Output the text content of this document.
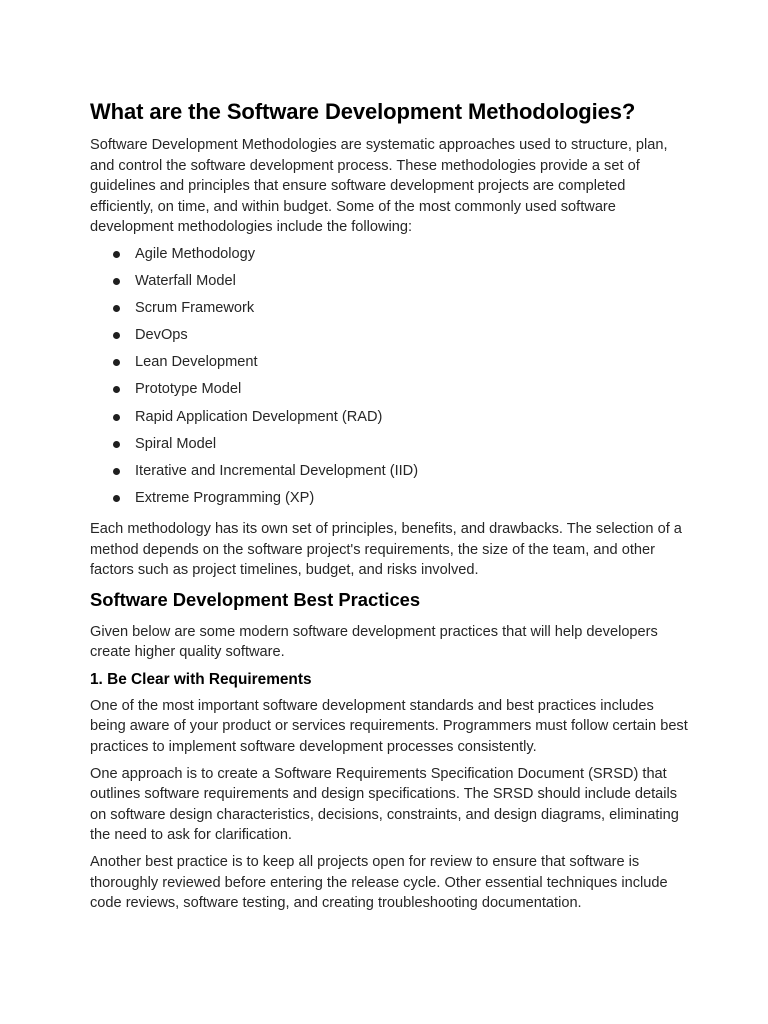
What are the Software Development Methodologies?

Software Development Methodologies are systematic approaches used to structure, plan, and control the software development process. These methodologies provide a set of guidelines and principles that ensure software development projects are completed efficiently, on time, and within budget. Some of the most commonly used software development methodologies include the following:

Agile Methodology
Waterfall Model
Scrum Framework
DevOps
Lean Development
Prototype Model
Rapid Application Development (RAD)
Spiral Model
Iterative and Incremental Development (IID)
Extreme Programming (XP)

Each methodology has its own set of principles, benefits, and drawbacks. The selection of a method depends on the software project's requirements, the size of the team, and other factors such as project timelines, budget, and risks involved.

Software Development Best Practices

Given below are some modern software development practices that will help developers create higher quality software.

1. Be Clear with Requirements

One of the most important software development standards and best practices includes being aware of your product or services requirements. Programmers must follow certain best practices to implement software development processes consistently.

One approach is to create a Software Requirements Specification Document (SRSD) that outlines software requirements and design specifications. The SRSD should include details on software design characteristics, decisions, constraints, and design diagrams, eliminating the need to ask for clarification.

Another best practice is to keep all projects open for review to ensure that software is thoroughly reviewed before entering the release cycle. Other essential techniques include code reviews, software testing, and creating troubleshooting documentation.
